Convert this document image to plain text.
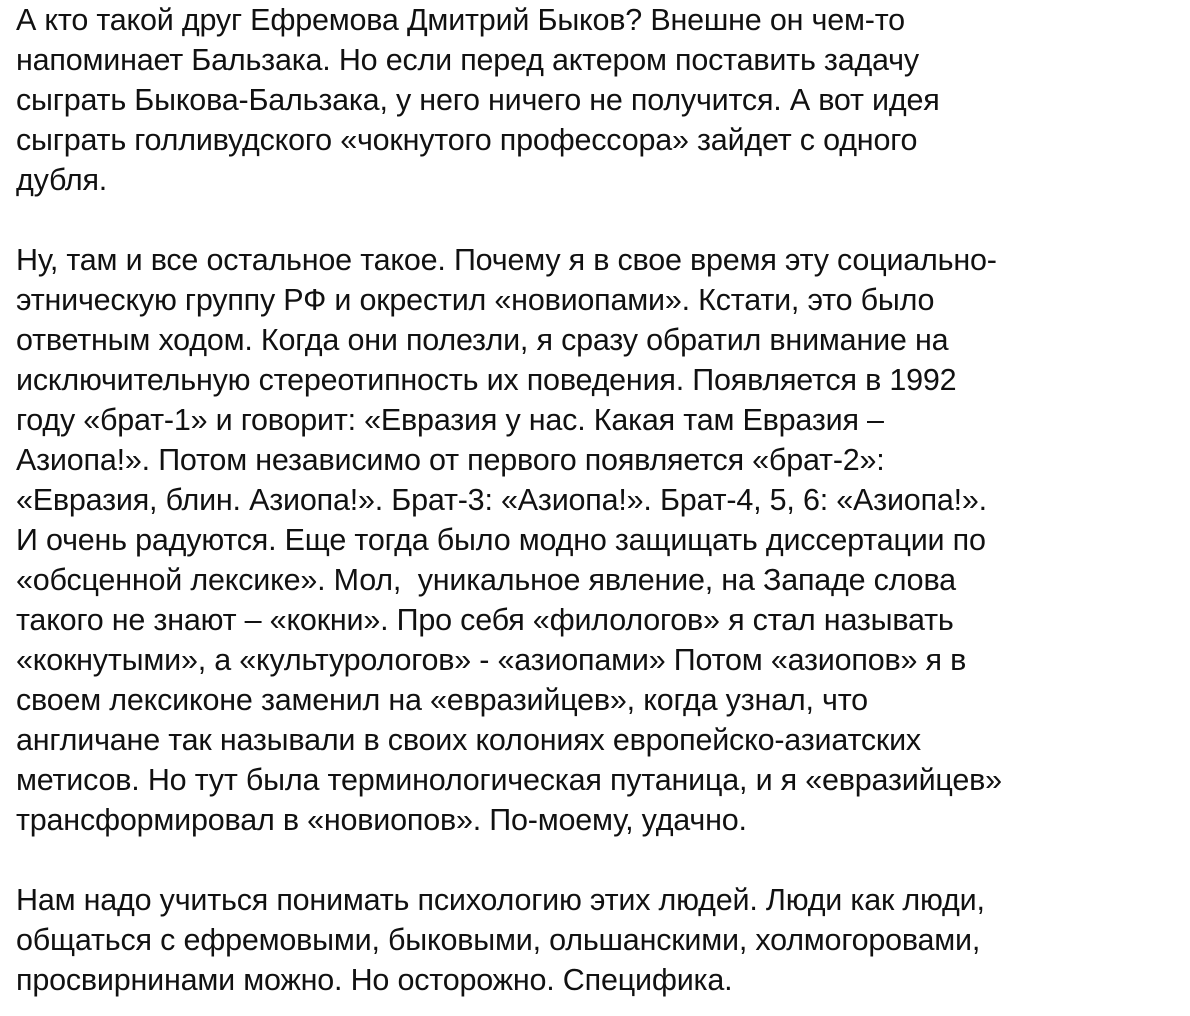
А кто такой друг Ефремова Дмитрий Быков? Внешне он чем-то
напоминает Бальзака. Но если перед актером поставить задачу
сыграть Быкова-Бальзака, у него ничего не получится. А вот идея
сыграть голливудского «чокнутого профессора» зайдет с одного
дубля.
Ну, там и все остальное такое. Почему я в свое время эту социально-
этническую группу РФ и окрестил «новиопами». Кстати, это было
ответным ходом. Когда они полезли, я сразу обратил внимание на
исключительную стереотипность их поведения. Появляется в 1992
году «брат-1» и говорит: «Евразия у нас. Какая там Евразия –
Азиопа!». Потом независимо от первого появляется «брат-2»:
«Евразия, блин. Азиопа!». Брат-3: «Азиопа!». Брат-4, 5, 6: «Азиопа!».
И очень радуются. Еще тогда было модно защищать диссертации по
«обсценной лексике». Мол,  уникальное явление, на Западе слова
такого не знают – «кокни». Про себя «филологов» я стал называть
«кокнутыми», а «культурологов» - «азиопами» Потом «азиопов» я в
своем лексиконе заменил на «евразийцев», когда узнал, что
англичане так называли в своих колониях европейско-азиатских
метисов. Но тут была терминологическая путаница, и я «евразийцев»
трансформировал в «новиопов». По-моему, удачно.
Нам надо учиться понимать психологию этих людей. Люди как люди,
общаться с ефремовыми, быковыми, ольшанскими, холмогоровами,
просвирнинами можно. Но осторожно. Специфика.
